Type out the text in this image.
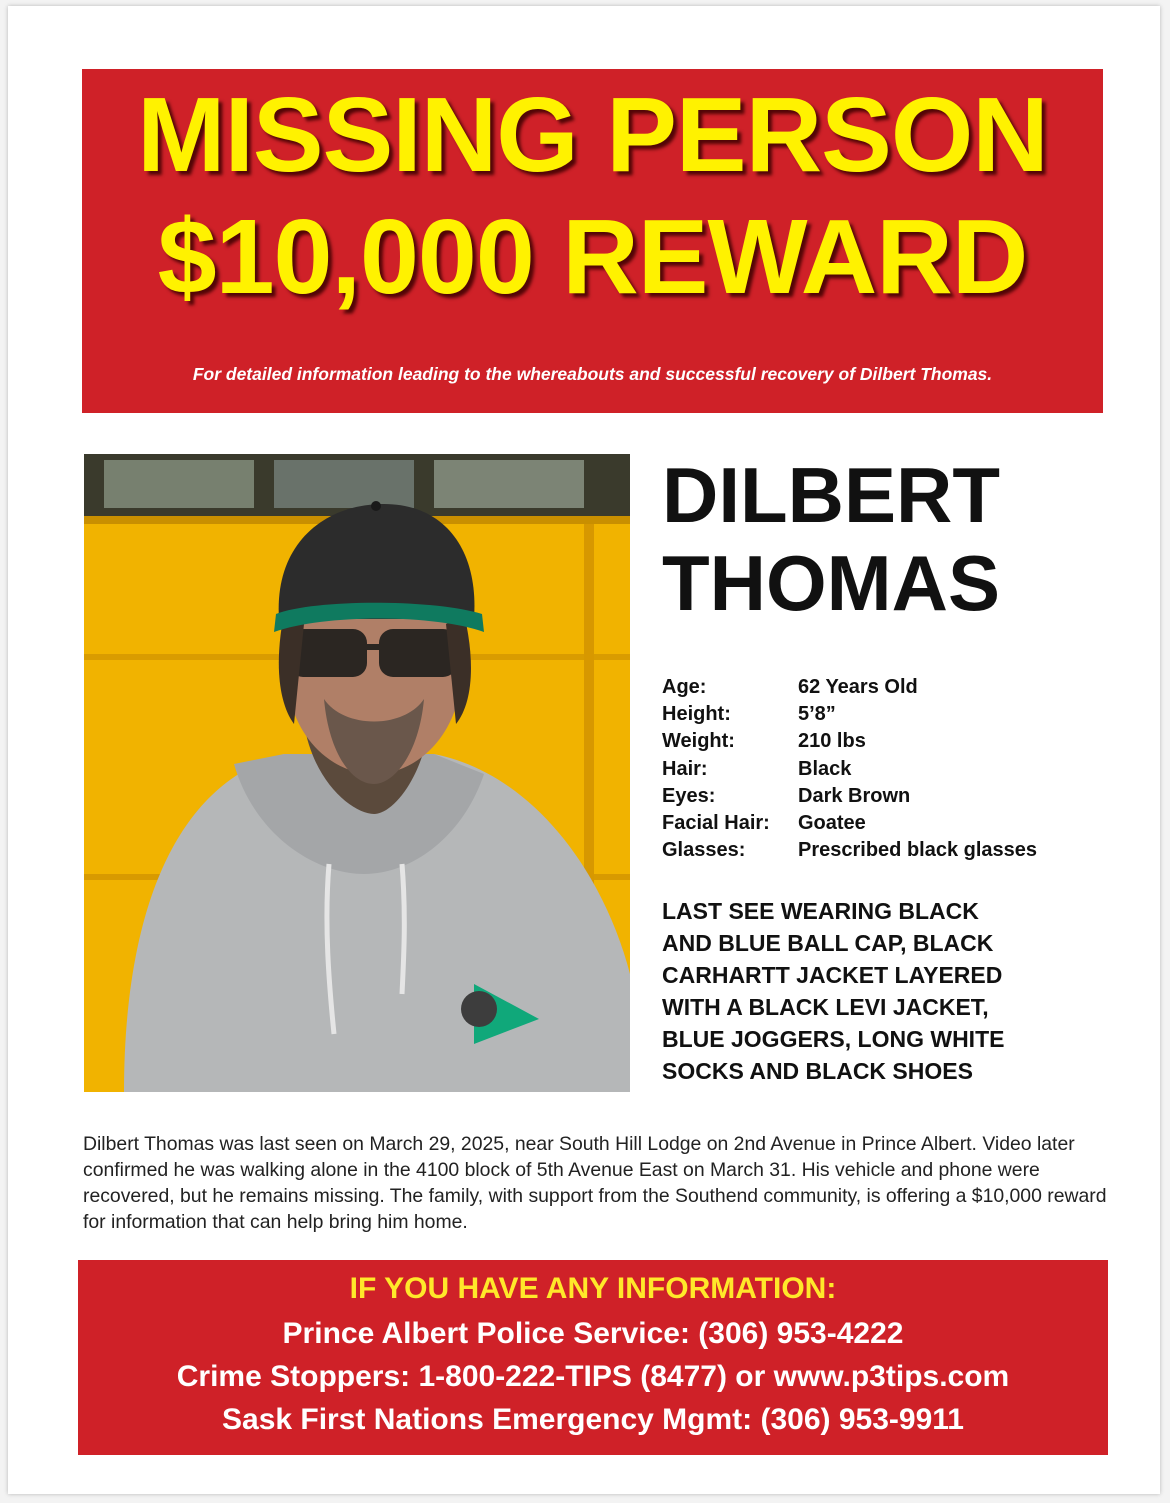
MISSING PERSON
$10,000 REWARD
For detailed information leading to the whereabouts and successful recovery of Dilbert Thomas.
DILBERT
THOMAS
Age:	62 Years Old
Height:	5’8”
Weight:	210 lbs
Hair:	Black
Eyes:	Dark Brown
Facial Hair:	Goatee
Glasses:	Prescribed black glasses
LAST SEE WEARING BLACK
AND BLUE BALL CAP, BLACK
CARHARTT JACKET LAYERED
WITH A BLACK LEVI JACKET,
BLUE JOGGERS, LONG WHITE
SOCKS AND BLACK SHOES
Dilbert Thomas was last seen on March 29, 2025, near South Hill Lodge on 2nd Avenue in Prince Albert. Video later confirmed he was walking alone in the 4100 block of 5th Avenue East on March 31. His vehicle and phone were recovered, but he remains missing. The family, with support from the Southend community, is offering a $10,000 reward for information that can help bring him home.
IF YOU HAVE ANY INFORMATION:
Prince Albert Police Service: (306) 953-4222
Crime Stoppers: 1-800-222-TIPS (8477) or www.p3tips.com
Sask First Nations Emergency Mgmt: (306) 953-9911
